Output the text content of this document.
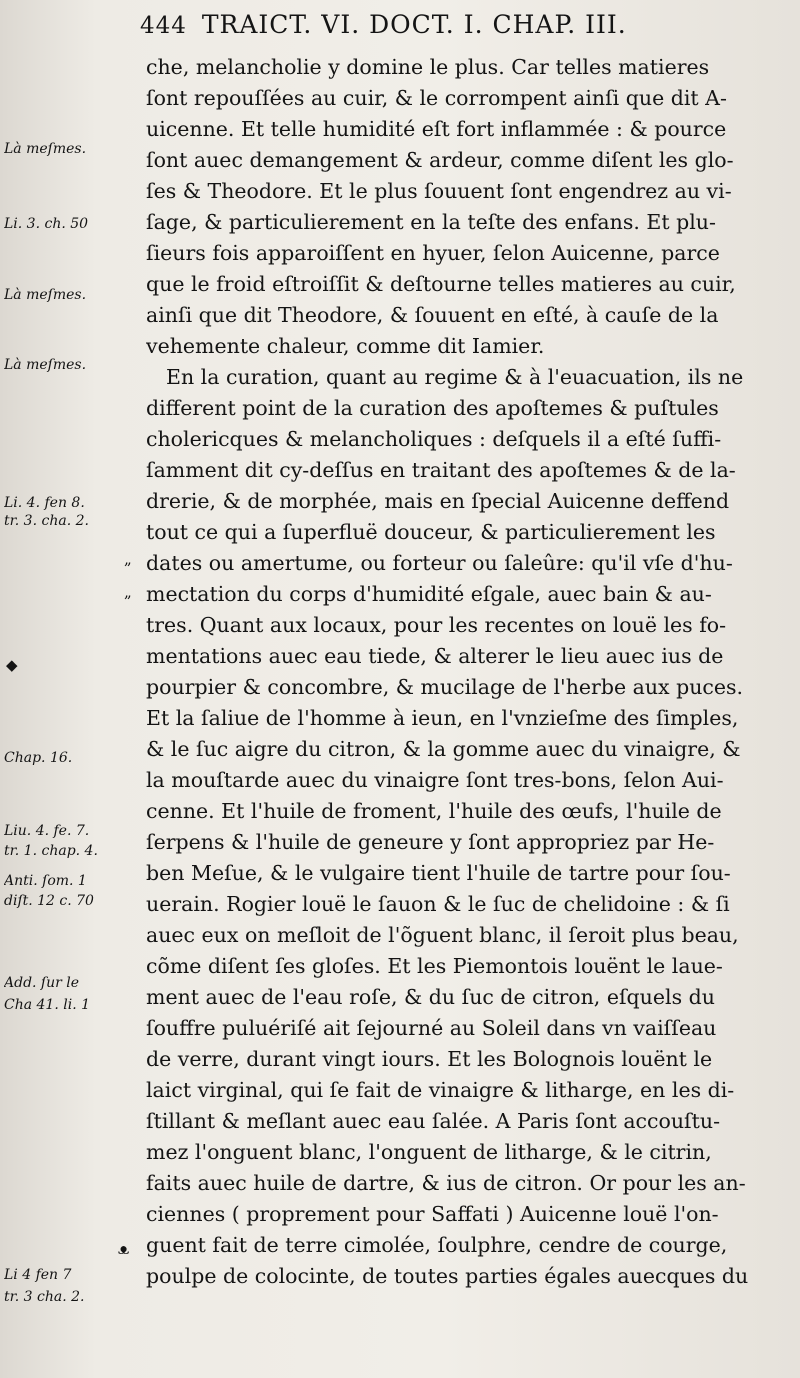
444 TRAICT. VI. DOCT. I. CHAP. III.
che, melancholie y domine le plus. Car telles matieres
ſont repouſſées au cuir, & le corrompent ainſi que dit A-
uicenne. Et telle humidité eſt fort inflammée : & pource
ſont auec demangement & ardeur, comme diſent les glo-
ſes & Theodore. Et le plus ſouuent ſont engendrez au vi-
ſage, & particulierement en la teſte des enfans. Et plu-
ſieurs fois apparoiſſent en hyuer, ſelon Auicenne, parce
que le froid eſtroiſſit & deſtourne telles matieres au cuir,
ainſi que dit Theodore, & ſouuent en eſté, à cauſe de la
vehemente chaleur, comme dit Iamier.
En la curation, quant au regime & à l'euacuation, ils ne
different point de la curation des apoſtemes & puſtules
cholericques & melancholiques : deſquels il a eſté ſuffi-
ſamment dit cy-deſſus en traitant des apoſtemes & de la-
drerie, & de morphée, mais en ſpecial Auicenne deffend
tout ce qui a ſuperfluë douceur, & particulierement les
dates ou amertume, ou forteur ou ſaleûre: qu'il vſe d'hu-
mectation du corps d'humidité eſgale, auec bain & au-
tres. Quant aux locaux, pour les recentes on louë les fo-
mentations auec eau tiede, & alterer le lieu auec ius de
pourpier & concombre, & mucilage de l'herbe aux puces.
Et la ſaliue de l'homme à ieun, en l'vnzieſme des ſimples,
& le ſuc aigre du citron, & la gomme auec du vinaigre, &
la mouſtarde auec du vinaigre ſont tres-bons, ſelon Aui-
cenne. Et l'huile de froment, l'huile des œufs, l'huile de
ſerpens & l'huile de geneure y ſont appropriez par He-
ben Meſue, & le vulgaire tient l'huile de tartre pour ſou-
uerain. Rogier louë le ſauon & le ſuc de chelidoine : & ſi
auec eux on meſloit de l'õguent blanc, il ſeroit plus beau,
cõme diſent ſes gloſes. Et les Piemontois louënt le laue-
ment auec de l'eau roſe, & du ſuc de citron, eſquels du
ſouffre puluériſé ait ſejourné au Soleil dans vn vaiſſeau
de verre, durant vingt iours. Et les Bolognois louënt le
laict virginal, qui ſe fait de vinaigre & litharge, en les di-
ſtillant & meſlant auec eau ſalée. A Paris ſont accouſtu-
mez l'onguent blanc, l'onguent de litharge, & le citrin,
faits auec huile de dartre, & ius de citron. Or pour les an-
ciennes ( proprement pour Saffati ) Auicenne louë l'on-
guent fait de terre cimolée, ſoulphre, cendre de courge,
poulpe de colocinte, de toutes parties égales auecques du
Là meſmes.
Li. 3. ch. 50
Là meſmes.
Là meſmes.
Li. 4. fen 8.
tr. 3. cha. 2.
Chap. 16.
Liu. 4. fe. 7.
tr. 1. chap. 4.
Anti. ſom. 1
diſt. 12 c. 70
Add. ſur le
Cha 41. li. 1
Li 4 fen 7
tr. 3 cha. 2.
„
„
◆
ᴥ
